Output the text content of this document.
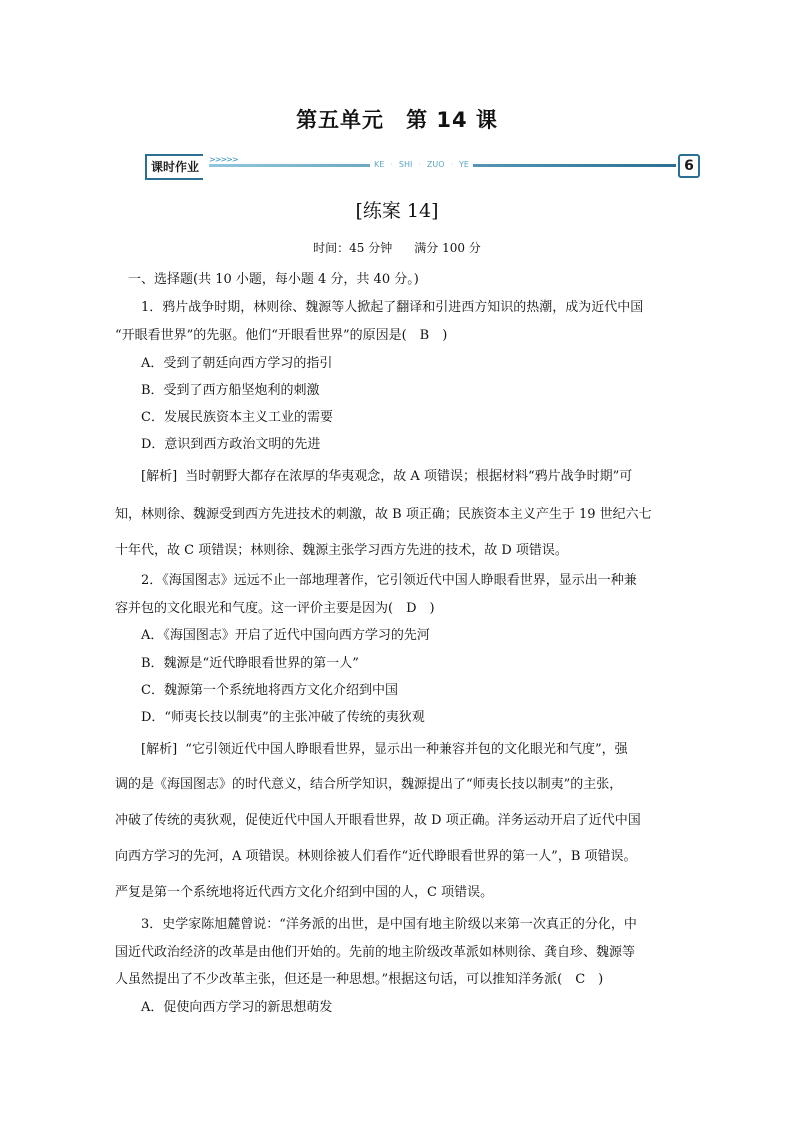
第五单元 第 14 课
课时作业
>>>>>
KE · SHI · ZUO · YE	6
[练案 14]
时间：45 分钟 满分 100 分
一、选择题(共 10 小题，每小题 4 分，共 40 分。)
1．鸦片战争时期，林则徐、魏源等人掀起了翻译和引进西方知识的热潮，成为近代中国
“开眼看世界”的先驱。他们“开眼看世界”的原因是(　B　)
A．受到了朝廷向西方学习的指引
B．受到了西方船坚炮利的刺激
C．发展民族资本主义工业的需要
D．意识到西方政治文明的先进
[解析] 当时朝野大都存在浓厚的华夷观念，故 A 项错误；根据材料“鸦片战争时期”可
知，林则徐、魏源受到西方先进技术的刺激，故 B 项正确；民族资本主义产生于 19 世纪六七
十年代，故 C 项错误；林则徐、魏源主张学习西方先进的技术，故 D 项错误。
2．《海国图志》远远不止一部地理著作，它引领近代中国人睁眼看世界，显示出一种兼
容并包的文化眼光和气度。这一评价主要是因为(　D　)
A．《海国图志》开启了近代中国向西方学习的先河
B．魏源是“近代睁眼看世界的第一人”
C．魏源第一个系统地将西方文化介绍到中国
D．“师夷长技以制夷”的主张冲破了传统的夷狄观
[解析] “它引领近代中国人睁眼看世界，显示出一种兼容并包的文化眼光和气度”，强
调的是《海国图志》的时代意义，结合所学知识，魏源提出了“师夷长技以制夷”的主张，
冲破了传统的夷狄观，促使近代中国人开眼看世界，故 D 项正确。洋务运动开启了近代中国
向西方学习的先河，A 项错误。林则徐被人们看作“近代睁眼看世界的第一人”，B 项错误。
严复是第一个系统地将近代西方文化介绍到中国的人，C 项错误。
3．史学家陈旭麓曾说：“洋务派的出世，是中国有地主阶级以来第一次真正的分化，中
国近代政治经济的改革是由他们开始的。先前的地主阶级改革派如林则徐、龚自珍、魏源等
人虽然提出了不少改革主张，但还是一种思想。”根据这句话，可以推知洋务派(　C　)
A．促使向西方学习的新思想萌发
